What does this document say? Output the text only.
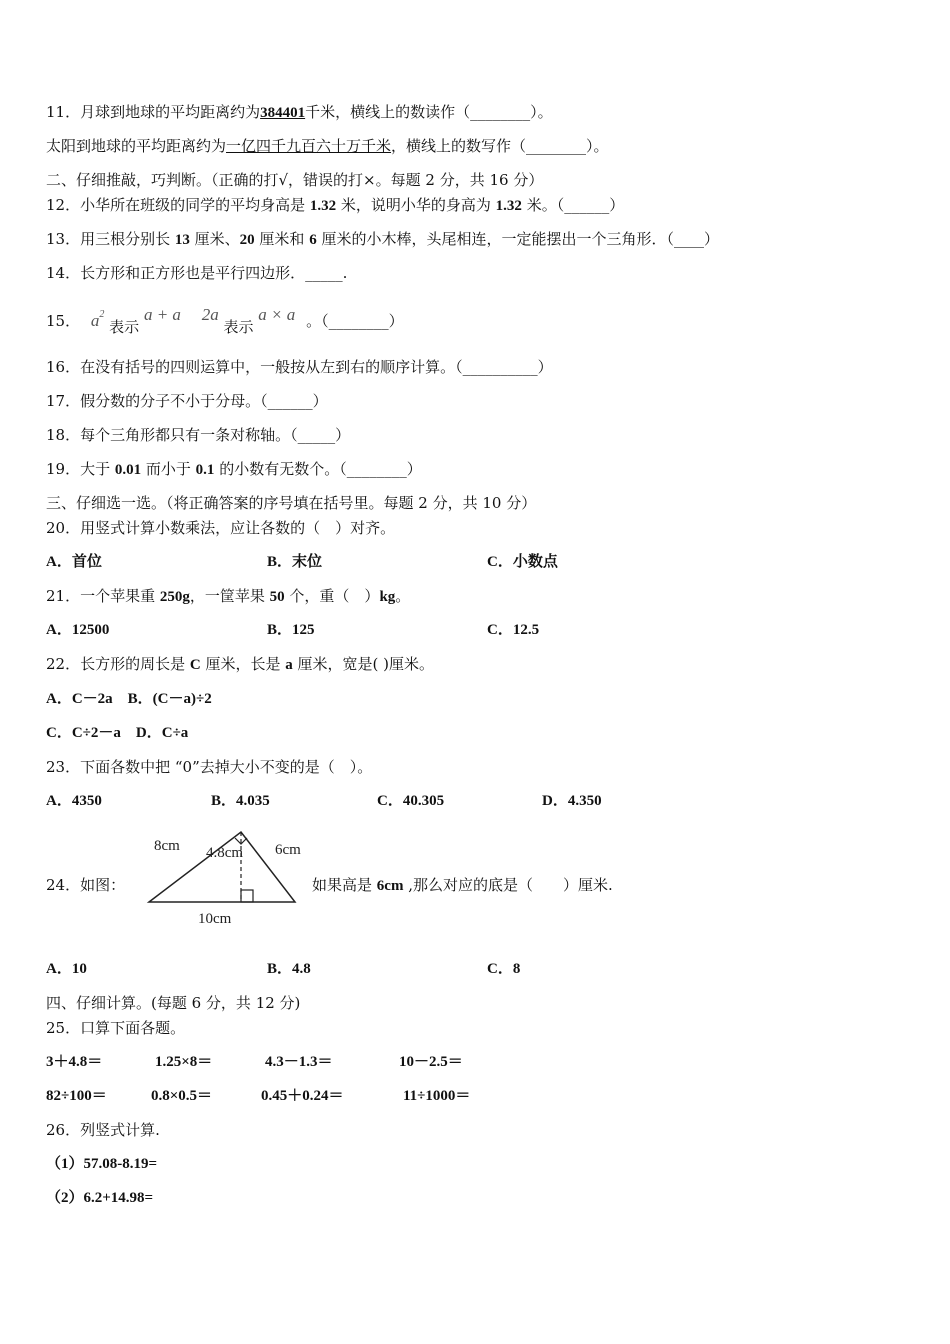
11．月球到地球的平均距离约为384401千米，横线上的数读作（________）。
太阳到地球的平均距离约为一亿四千九百六十万千米，横线上的数写作（________）。
二、仔细推敲，巧判断。（正确的打√，错误的打×。每题 2 分，共 16 分）
12．小华所在班级的同学的平均身高是 1.32 米，说明小华的身高为 1.32 米。（______）
13．用三根分别长 13 厘米、20 厘米和 6 厘米的小木棒，头尾相连，一定能摆出一个三角形．（____）
14．长方形和正方形也是平行四边形．_____.
15． $a^2$ 表示 a + a 2a 表示 a × a 。（________）
16．在没有括号的四则运算中，一般按从左到右的顺序计算。（__________）
17．假分数的分子不小于分母。（______）
18．每个三角形都只有一条对称轴。（_____）
19．大于 0.01 而小于 0.1 的小数有无数个。（________）
三、仔细选一选。（将正确答案的序号填在括号里。每题 2 分，共 10 分）
20．用竖式计算小数乘法，应让各数的（　）对齐。
A．首位	B．末位	C．小数点
21．一个苹果重 250g，一筐苹果 50 个，重（　）kg。
A．12500	B．125	C．12.5
22．长方形的周长是 C 厘米，长是 a 厘米，宽是( )厘米。
A．C－2a　B．(C－a)÷2
C．C÷2－a　D．C÷a
23．下面各数中把 “0”去掉大小不变的是（　）。
A．4350	B．4.035	C．40.305	D．4.350
24．如图：
8cm 4.8cm 6cm
10cm
如果高是 6cm ,那么对应的底是（　　）厘米.
A．10	B．4.8	C．8
四、仔细计算。(每题 6 分，共 12 分)
25．口算下面各题。
3＋4.8＝	1.25×8＝	4.3－1.3＝	10－2.5＝
82÷100＝	0.8×0.5＝	0.45＋0.24＝	11÷1000＝
26．列竖式计算.
（1）57.08-8.19=
（2）6.2+14.98=
